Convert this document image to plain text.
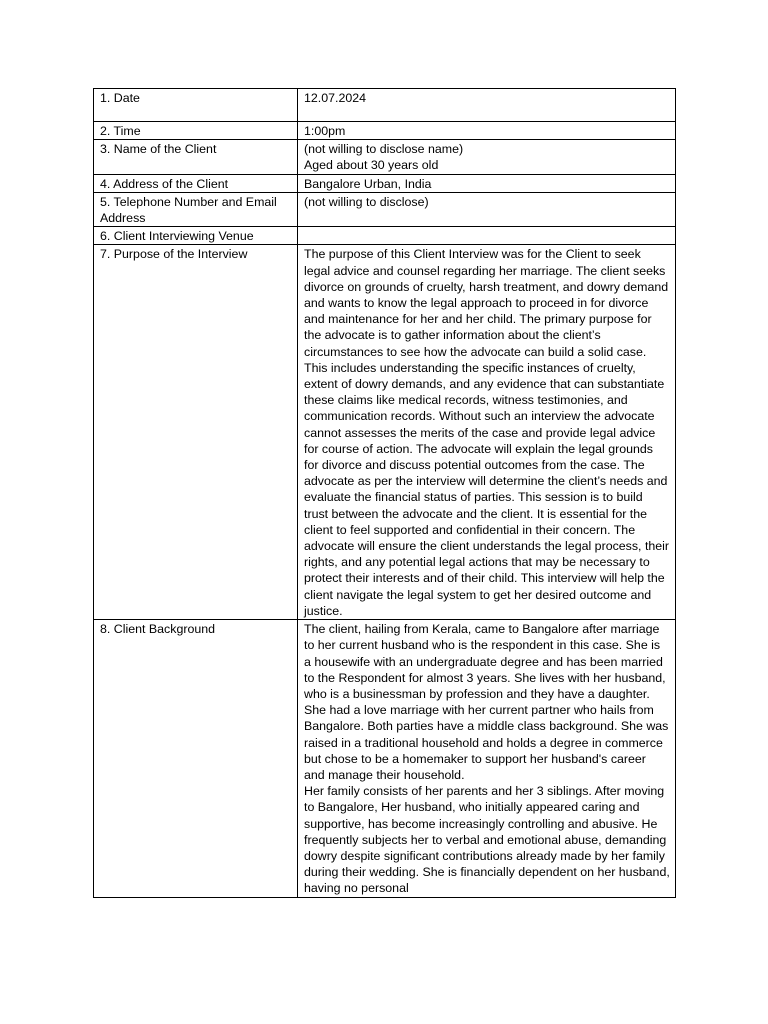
1. Date	12.07.2024
2. Time	1:00pm
3. Name of the Client	(not willing to disclose name)
Aged about 30 years old

4. Address of the Client	Bangalore Urban, India
5. Telephone Number and Email Address	(not willing to disclose)
6. Client Interviewing Venue	
7. Purpose of the Interview	The purpose of this Client Interview was for the Client to seek legal advice and counsel regarding her marriage. The client seeks divorce on grounds of cruelty, harsh treatment, and dowry demand and wants to know the legal approach to proceed in for divorce and maintenance for her and her child. The primary purpose for the advocate is to gather information about the client’s circumstances to see how the advocate can build a solid case. This includes understanding the specific instances of cruelty, extent of dowry demands, and any evidence that can substantiate these claims like medical records, witness testimonies, and communication records. Without such an interview the advocate cannot assesses the merits of the case and provide legal advice for course of action. The advocate will explain the legal grounds for divorce and discuss potential outcomes from the case. The advocate as per the interview will determine the client’s needs and evaluate the financial status of parties. This session is to build trust between the advocate and the client. It is essential for the client to feel supported and confidential in their concern. The advocate will ensure the client understands the legal process, their rights, and any potential legal actions that may be necessary to protect their interests and of their child. This interview will help the client navigate the legal system to get her desired outcome and justice.
8. Client Background	The client, hailing from Kerala, came to Bangalore after marriage to her current husband who is the respondent in this case. She is a housewife with an undergraduate degree and has been married to the Respondent for almost 3 years. She lives with her husband, who is a businessman by profession and they have a daughter. She had a love marriage with her current partner who hails from Bangalore. Both parties have a middle class background. She was raised in a traditional household and holds a degree in commerce but chose to be a homemaker to support her husband's career and manage their household.
Her family consists of her parents and her 3 siblings. After moving to Bangalore, Her husband, who initially appeared caring and supportive, has become increasingly controlling and abusive. He frequently subjects her to verbal and emotional abuse, demanding dowry despite significant contributions already made by her family during their wedding. She is financially dependent on her husband, having no personal
